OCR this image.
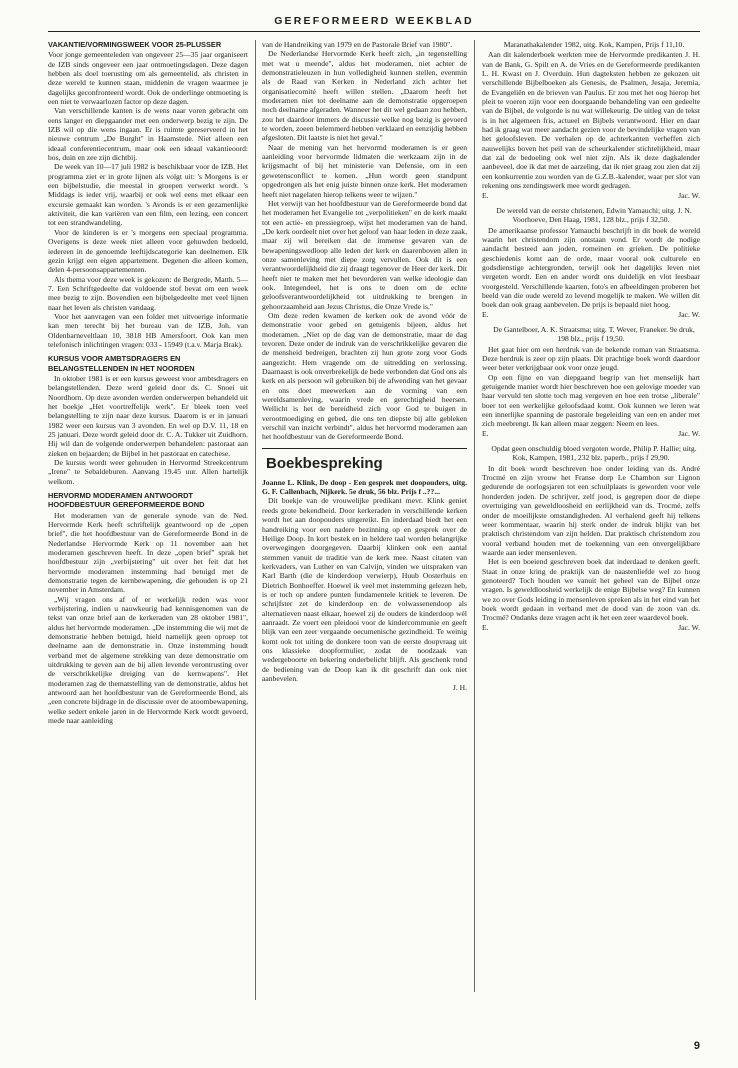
GEREFORMEERD WEEKBLAD
VAKANTIE/VORMINGSWEEK VOOR 25-PLUSSER

Voor jonge gemeenteleden van ongeveer 25—35 jaar organiseert de IZB sinds ongeveer een jaar ontmoetingsdagen. Deze dagen hebben als doel toerusting om als gemeentelid, als christen in deze wereld te kunnen staan, middenin de vragen waarmee je dagelijks geconfronteerd wordt. Ook de onderlinge ontmoeting is een niet te verwaarlozen factor op deze dagen.

Van verschillende kanten is de wens naar voren gebracht om eens langer en diepgaander met een onderwerp bezig te zijn. De IZB wil op die wens ingaan. Er is ruimte gereserveerd in het nieuwe centrum „De Burght" in Haamstede. Niet alleen een ideaal conferentiecentrum, maar ook een ideaal vakantieoord: bos, duin en zee zijn dichtbij.

De week van 10—17 juli 1982 is beschikbaar voor de IZB. Het programma ziet er in grote lijnen als volgt uit: 's Morgens is er een bijbelstudie, die meestal in groepen verwerkt wordt. 's Middags is ieder vrij, waarbij er ook wel eens met elkaar een excursie gemaakt kan worden. 's Avonds is er een gezamenlijke aktiviteit, die kan variëren van een film, een lezing, een concert tot een strandwandeling.

Voor de kinderen is er 's morgens een speciaal programma. Overigens is deze week niet alleen voor gehuwden bedoeld, iedereen in de genoemde leeftijdscategorie kan deelnemen. Elk gezin krijgt een eigen appartement. Degenen die alleen komen, delen 4-persoonsappartementen.

Als thema voor deze week is gekozen: de Bergrede, Matth. 5—7. Een Schriftgedeelte dat voldoende stof bevat om een week mee bezig te zijn. Bovendien een bijbelgedeelte met veel lijnen naar het leven als christen vandaag.

Voor het aanvragen van een folder met uitvoerige informatie kan men terecht bij het bureau van de IZB, Joh. van Oldenbarneveltlaan 10, 3818 HB Amersfoort. Ook kan men telefonisch inlichtingen vragen: 033 - 15949 (t.a.v. Marja Brak).

KURSUS VOOR AMBTSDRAGERS EN BELANGSTELLENDEN IN HET NOORDEN

In oktober 1981 is er een kursus geweest voor ambtsdragers en belangstellenden. Deze werd geleid door ds. C. Snoei uit Noordhorn. Op deze avonden werden onderwerpen behandeld uit het boekje „Het voortreffelijk werk". Er bleek toen veel belangstelling te zijn naar deze kursus. Daarom is er in januari 1982 weer een kursus van 3 avonden. En wel op D.V. 11, 18 en 25 januari. Deze wordt geleid door dr. C. A. Tukker uit Zuidhorn. Hij wil dan de volgende onderwerpen behandelen: pastoraat aan zieken en bejaarden; de Bijbel in het pastoraat en catechese.

De kursus wordt weer gehouden in Hervormd Streekcentrum „Irene" te Sebaldeburen. Aanvang 19.45 uur. Allen hartelijk welkom.

HERVORMD MODERAMEN ANTWOORDT HOOFDBESTUUR GEREFORMEERDE BOND

Het moderamen van de generale synode van de Ned. Hervormde Kerk heeft schriftelijk geantwoord op de „open brief", die het hoofdbestuur van de Gereformeerde Bond in de Nederlandse Hervormde Kerk op 11 november aan het moderamen geschreven heeft. In deze „open brief" sprak het hoofdbestuur zijn „verbijstering" uit over het feit dat het hervormde moderamen instemming had betuigd met de demonstratie tegen de kernbewapening, die gehouden is op 21 november in Amsterdam.

„Wij vragen ons af of er werkelijk reden was voor verbijstering, indien u nauwkeurig had kennisgenomen van de tekst van onze brief aan de kerkeraden van 28 oktober 1981", aldus het hervormde moderamen. „De instemming die wij met de demonstratie hebben betuigd, hield namelijk geen oproep tot deelname aan de demonstratie in. Onze instemming houdt verband met de algemene strekking van deze demonstratie om uitdrukking te geven aan de bij allen levende verontrusting over de verschrikkelijke dreiging van de kernwapens". Het moderamen zag de thematstelling van de demonstratie, aldus het antwoord aan het hoofdbestuur van de Gereformeerde Bond, als „een concrete bijdrage in de discussie over de atoombewapening, welke sedert enkele jaren in de Hervormde Kerk wordt gevoerd, mede naar aanleiding

van de Handreiking van 1979 en de Pastorale Brief van 1980".

De Nederlandse Hervormde Kerk heeft zich, „in tegenstelling met wat u meende", aldus het moderamen, niet achter de demonstratieleuzen in hun volledigheid kunnen stellen, evenmin als de Raad van Kerken in Nederland zich achter het organisatiecomité heeft willen stellen. „Daarom heeft het moderamen niet tot deelname aan de demonstratie opgeroepen noch deelname afgeraden. Wanneer het dit wel gedaan zou hebben, zou het daardoor immers de discussie welke nog bezig is gevoerd te worden, zoeen belemmerd hebben verklaard en eenzijdig hebben afgesloten. Dit laatste is niet het geval."

Naar de mening van het hervormd moderamen is er geen aanleiding voor hervormde lidmaten die werkzaam zijn in de krijgsmacht of bij het ministerie van Defensie, om in een gewetensconflict te komen. „Hun wordt geen standpunt opgedrongen als het enig juiste binnen onze kerk. Het moderamen heeft niet nagelaten hierop telkens weer te wijzen."

Het verwijt van het hoofdbestuur van de Gereformeerde bond dat het moderamen het Evangelie tot „verpolitieken" en de kerk maakt tot een actie- en pressiegroep, wijst het moderamen van de hand. „De kerk oordeelt niet over het geloof van haar leden in deze zaak, maar zij wil bereiken dat de immense gevaren van de bewapeningswedloop alle leden der kerk en daarenboven allen in onze samenleving met diepe zorg vervullen. Ook dit is een verantwoordelijkheid die zij draagt tegenover de Heer der kerk. Dit heeft niet te maken met het bevorderen van welke ideologie dan ook. Integendeel, het is ons te doen om de echte geloofsverantwoordelijkheid tot uitdrukking te brengen in gehoorzaamheid aan Jezus Christus, die Onze Vrede is."

Om deze reden kwamen de kerken ook de avond vóór de demonstratie voor gebed en getuigenis bijeen, aldus het moderamen. „Niet op de dag van de demonstratie, maar de dag tevoren. Deze onder de indruk van de verschrikkelijke gevaren die de mensheid bedreigen, brachten zij hun grote zorg voor Gods aangezicht. Hem vragende om de uitredding en verlossing. Daarnaast is ook onverbrekelijk de bede verbonden dat God ons als kerk en als persoon wil gebruiken bij de afwending van het gevaar en ons doet meewerken aan de vorming van een wereldsamenleving, waarin vrede en gerechtigheid heersen. Wellicht is het de bereidheid zich voor God te buigen in verootmoediging en gebed, die ons ten diepste bij alle gebleken verschil van inzicht verbindt", aldus het hervormd moderamen aan het hoofdbestuur van de Gereformeerde Bond.

Boekbespreking

Joanne L. Klink, De doop - Een gesprek met doopouders, uitg. G. F. Callenbach, Nijkerk. 5e druk, 56 blz. Prijs f ..??...

Dit boekje van de vrouwelijke predikant mevr. Klink geniet reeds grote bekendheid. Door kerkeraden in verschillende kerken wordt het aan doopouders uitgereikt. En inderdaad biedt het een handreiking voor een nadere bezinning op en gesprek over de Heilige Doop. In kort bestek en in heldere taal worden belangrijke overwegingen doorgegeven. Daarbij klinken ook een aantal stemmen vanuit de traditie van de kerk mee. Naast citaten van kerkvaders, van Luther en van Calvijn, vinden we uitspraken van Karl Barth (die de kinderdoop verwierp), Huub Oosterhuis en Dietrich Bonhoeffer. Hoewel ik veel met instemming gelezen heb, is er toch op andere punten fundamentele kritiek te leveren. De schrijfster zet de kinderdoop en de volwassenendoop als alternatieven naast elkaar, hoewel zij de ouders de kinderdoop wél aanraadt. Ze voert een pleidooi voor de kindercommunie en geeft blijk van een zeer vergaande oecumenische gezindheid. Te weinig komt ook tot uiting de donkere toon van de eerste doopvraag uit ons klassieke doopformulier, zodat de noodzaak van wedergeboorte en bekering onderbelicht blijft. Als geschenk rond de bediening van de Doop kan ik dit geschrift dan ook niet aanbevelen.

J. H.

Maranathakalender 1982, uitg. Kok, Kampen, Prijs f 11,10.

Aan dit kalenderboek werkten mee de Hervormde predikanten J. H. van de Bank, G. Spilt en A. de Vries en de Gereformeerde predikanten L. H. Kwast en J. Overduin. Hun dagteksten hebben ze gekozen uit verschillende Bijbelboeken als Genesis, de Psalmen, Jesaja, Jeremia, de Evangeliën en de brieven van Paulus. Er zou met het oog hierop het pleit te voeren zijn voor een doorgaande behandeling van een gedeelte van de Bijbel, de volgorde is nu wat willekeurig. De uitleg van de tekst is in het algemeen fris, actueel en Bijbels verantwoord. Hier en daar had ik graag wat meer aandacht gezien voor de bevindelijke vragen van het geloofsleven. De verhalen op de achterkanten verheffen zich nauwelijks boven het peil van de scheurkalender stichtelijkheid, maar dat zal de bedoeling ook wel niet zijn. Als ik deze dagkalender aanbeveel, doe ik dat met de aarzeling, dat ik niet graag zou zien dat zij een konkurrentie zou worden van de G.Z.B.-kalender, waar per slot van rekening ons zendingswerk mee wordt gedragen.

E.	Jac. W.

De wereld van de eerste christenen, Edwin Yamauchi; uitg. J. N. Voorhoeve, Den Haag, 1981, 128 blz., prijs f 32,50.

De amerikaanse professor Yamauchi beschrijft in dit boek de wereld waarin het christendom zijn ontstaan vond. Er wordt de nodige aandacht besteed aan joden, romeinen en grieken. De politieke geschiedenis komt aan de orde, maar vooral ook culturele en godsdienstige achtergronden, terwijl ook het dagelijks leven niet vergeten wordt. Een en ander wordt ons duidelijk en vlot leesbaar voorgesteld. Verschillende kaarten, foto's en afbeeldingen proberen het beeld van die oude wereld zo levend mogelijk te maken. We willen dit boek dan ook graag aanbevelen. De prijs is bepaald niet hoog.

E.	Jac. W.

De Gantelboer, A. K. Straatsma; uitg. T. Wever, Franeker. 9e druk, 198 blz., prijs f 19,50.

Het gaat hier om een herdruk van de bekende roman van Straatsma. Deze herdruk is zeer op zijn plaats. Dit prachtige boek wordt daardoor weer beter verkrijgbaar ook voor onze jeugd.

Op een fijne en van diepgaand begrip van het menselijk hart getuigende manier wordt hier beschreven hoe een gelovige moeder van haar vervuld ten slotte toch mag vergeven en hoe een trotse „liberale" boer tot een werkelijke geloofsdaad komt. Ook kunnen we leren wat een innerlijke spanning de pastorale begeleiding van een en ander met zich meebrengt. Ik kan alleen maar zeggen: Neem en lees.

E.	Jac. W.

Opdat geen onschuldig bloed vergoten worde, Philip P. Hallie; uitg. Kok, Kampen, 1981, 232 blz. paperb., prijs f 29,90.

In dit boek wordt beschreven hoe onder leiding van ds. André Trocmé en zijn vrouw het Franse dorp Le Chambon sur Lignon gedurende de oorlogsjaren tot een schuilplaats is geworden voor vele honderden joden. De schrijver, zelf jood, is gegrepen door de diepe overtuiging van geweldloosheid en eerlijkheid van ds. Trocmé, zelfs onder de moeilijkste omstandigheden. Al verhalend geeft hij telkens weer kommentaar, waarin hij sterk onder de indruk blijkt van het praktisch christendom van zijn helden. Dat praktisch christendom zou vooral verband houden met de toekenning van een onvergelijkbare waarde aan ieder mensenleven.

Het is een boeiend geschreven boek dat inderdaad te denken geeft. Staat in onze kring de praktijk van de naastenliefde wel zo hoog genoteerd? Toch houden we vanuit het geheel van de Bijbel onze vragen. Is geweldloosheid werkelijk de enige Bijbelse weg? En kunnen we zo over Gods leiding in mensenleven spreken als in het eind van het boek wordt gedaan in verband met de dood van de zoon van ds. Trocmé? Ondanks deze vragen acht ik het een zeer waardevol boek.

E.	Jac. W.
9
